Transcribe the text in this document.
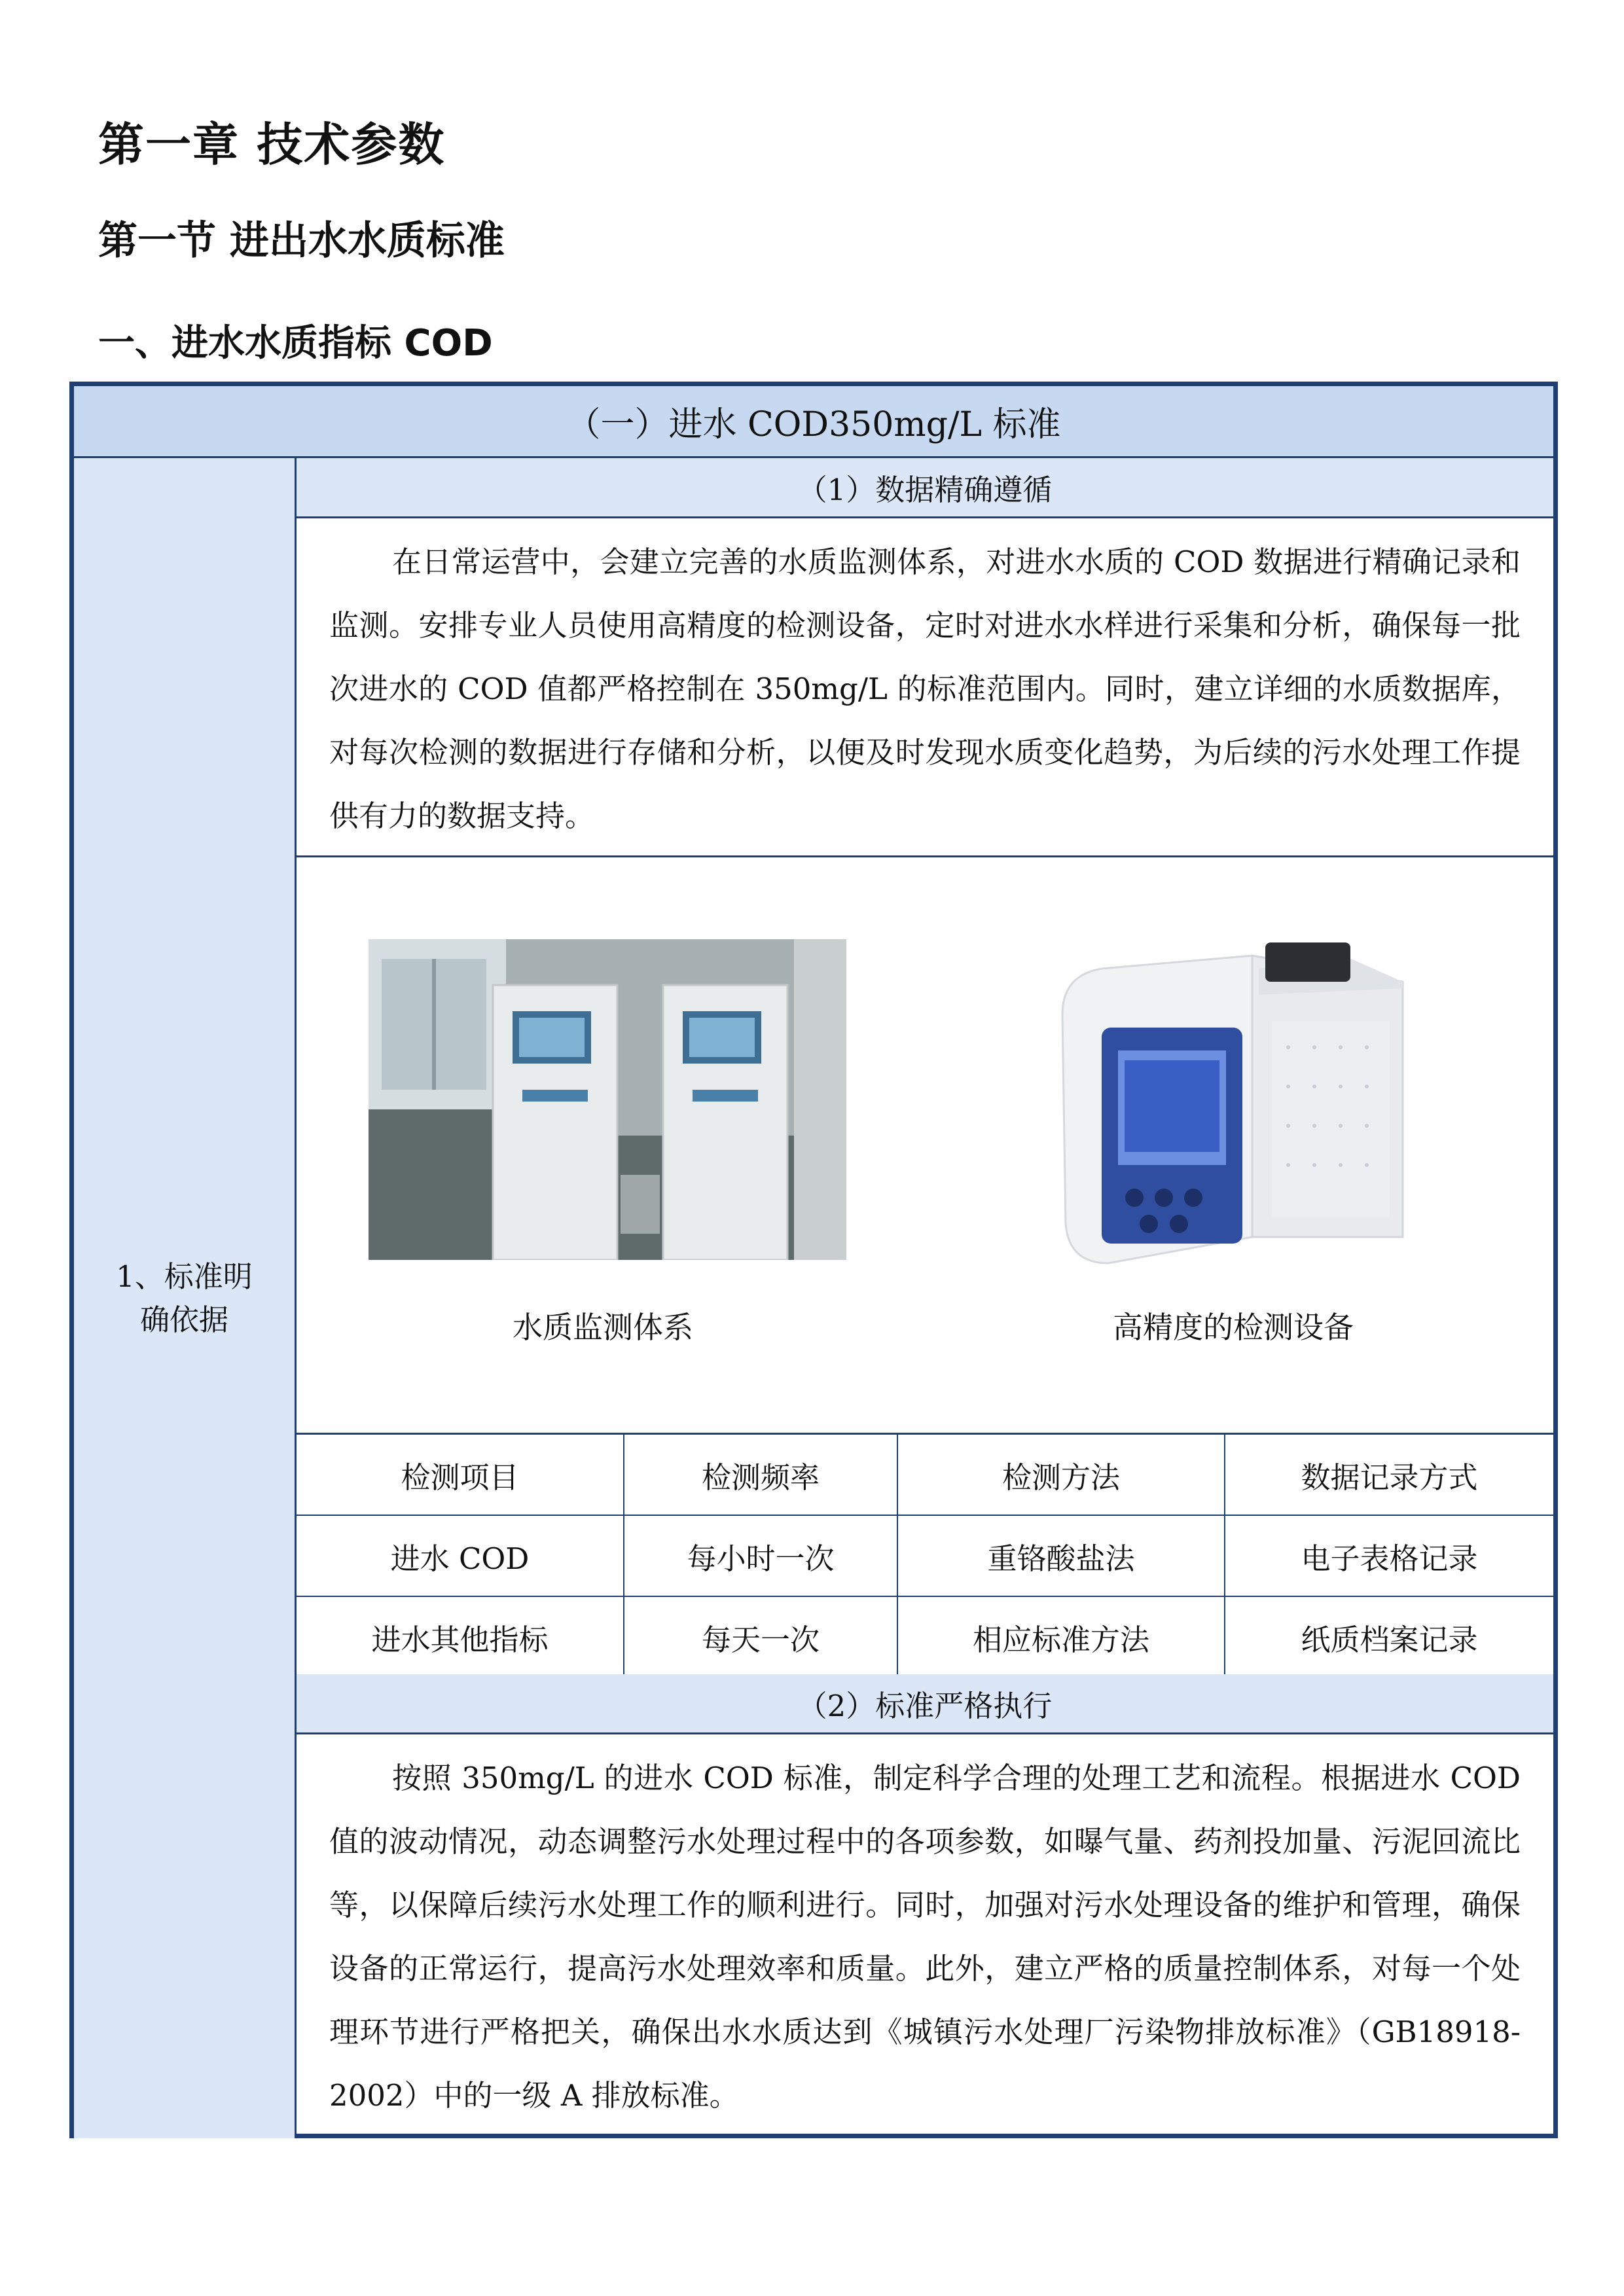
第一章 技术参数
第一节 进出水水质标准
一、进水水质指标 COD
（一）进水 COD350mg/L 标准
1、标准明确依据
（1）数据精确遵循
在日常运营中，会建立完善的水质监测体系，对进水水质的 COD 数据进行精确记录和监测。安排专业人员使用高精度的检测设备，定时对进水水样进行采集和分析，确保每一批次进水的 COD 值都严格控制在 350mg/L 的标准范围内。同时，建立详细的水质数据库，对每次检测的数据进行存储和分析，以便及时发现水质变化趋势，为后续的污水处理工作提供有力的数据支持。
水质监测体系	高精度的检测设备
检测项目	检测频率	检测方法	数据记录方式
进水 COD	每小时一次	重铬酸盐法	电子表格记录
进水其他指标	每天一次	相应标准方法	纸质档案记录
（2）标准严格执行
按照 350mg/L 的进水 COD 标准，制定科学合理的处理工艺和流程。根据进水 COD 值的波动情况，动态调整污水处理过程中的各项参数，如曝气量、药剂投加量、污泥回流比等，以保障后续污水处理工作的顺利进行。同时，加强对污水处理设备的维护和管理，确保设备的正常运行，提高污水处理效率和质量。此外，建立严格的质量控制体系，对每一个处理环节进行严格把关，确保出水水质达到《城镇污水处理厂污染物排放标准》（GB18918-2002）中的一级 A 排放标准。
